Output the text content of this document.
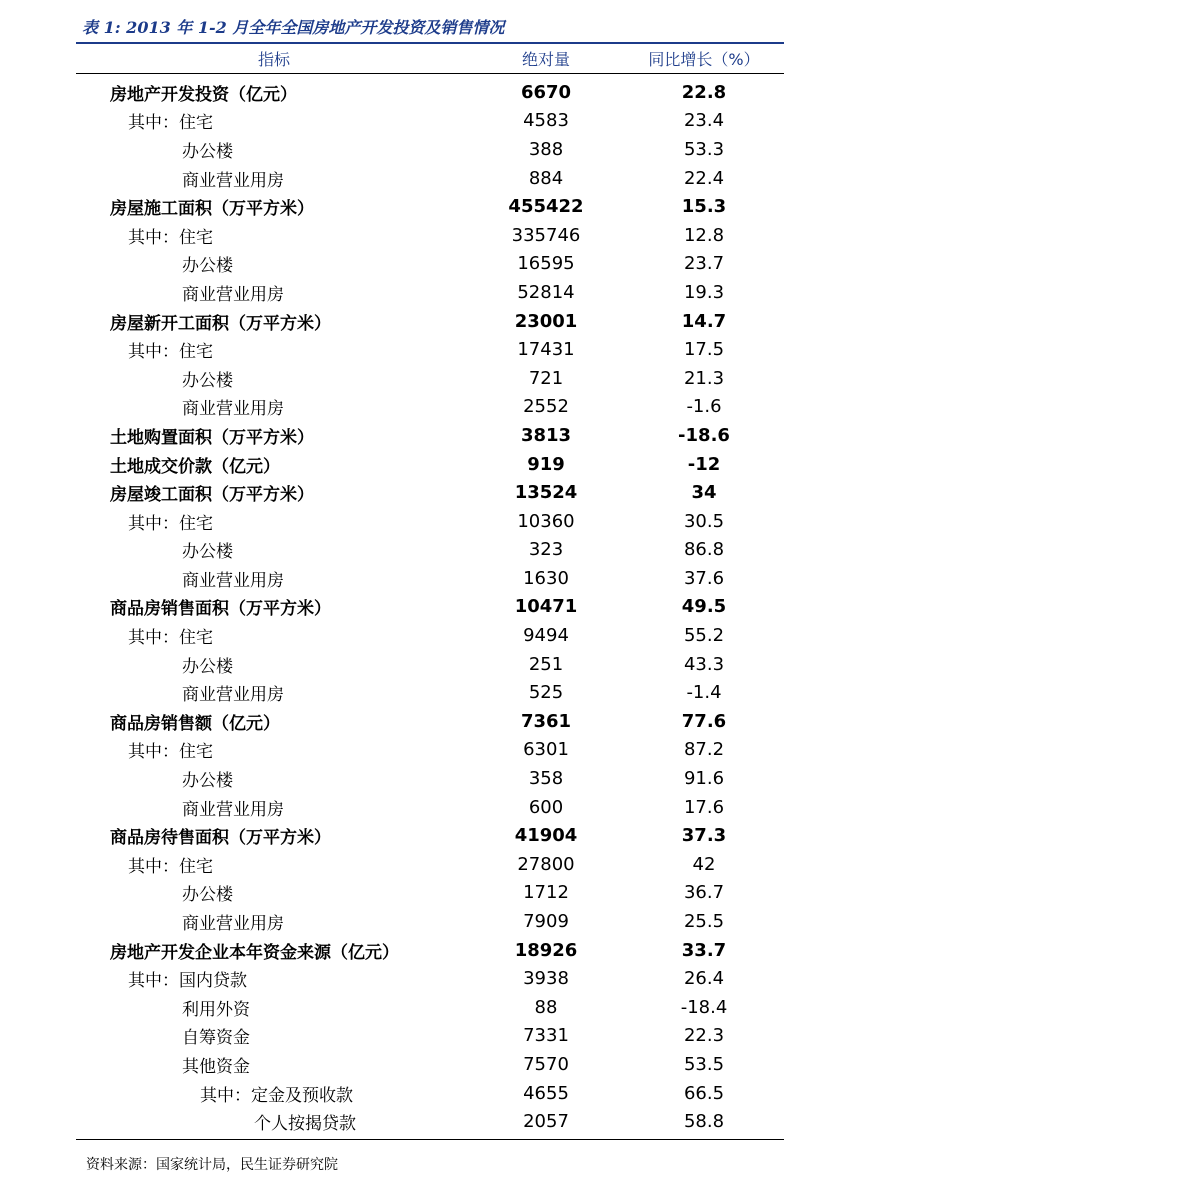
表 1: 2013 年 1-2 月全年全国房地产开发投资及销售情况
指标	绝对量	同比增长（%）
房地产开发投资（亿元）	6670	22.8
其中：住宅	4583	23.4
办公楼	388	53.3
商业营业用房	884	22.4
房屋施工面积（万平方米）	455422	15.3
其中：住宅	335746	12.8
办公楼	16595	23.7
商业营业用房	52814	19.3
房屋新开工面积（万平方米）	23001	14.7
其中：住宅	17431	17.5
办公楼	721	21.3
商业营业用房	2552	-1.6
土地购置面积（万平方米）	3813	-18.6
土地成交价款（亿元）	919	-12
房屋竣工面积（万平方米）	13524	34
其中：住宅	10360	30.5
办公楼	323	86.8
商业营业用房	1630	37.6
商品房销售面积（万平方米）	10471	49.5
其中：住宅	9494	55.2
办公楼	251	43.3
商业营业用房	525	-1.4
商品房销售额（亿元）	7361	77.6
其中：住宅	6301	87.2
办公楼	358	91.6
商业营业用房	600	17.6
商品房待售面积（万平方米）	41904	37.3
其中：住宅	27800	42
办公楼	1712	36.7
商业营业用房	7909	25.5
房地产开发企业本年资金来源（亿元）	18926	33.7
其中：国内贷款	3938	26.4
利用外资	88	-18.4
自筹资金	7331	22.3
其他资金	7570	53.5
其中：定金及预收款	4655	66.5
个人按揭贷款	2057	58.8
资料来源：国家统计局，民生证券研究院
